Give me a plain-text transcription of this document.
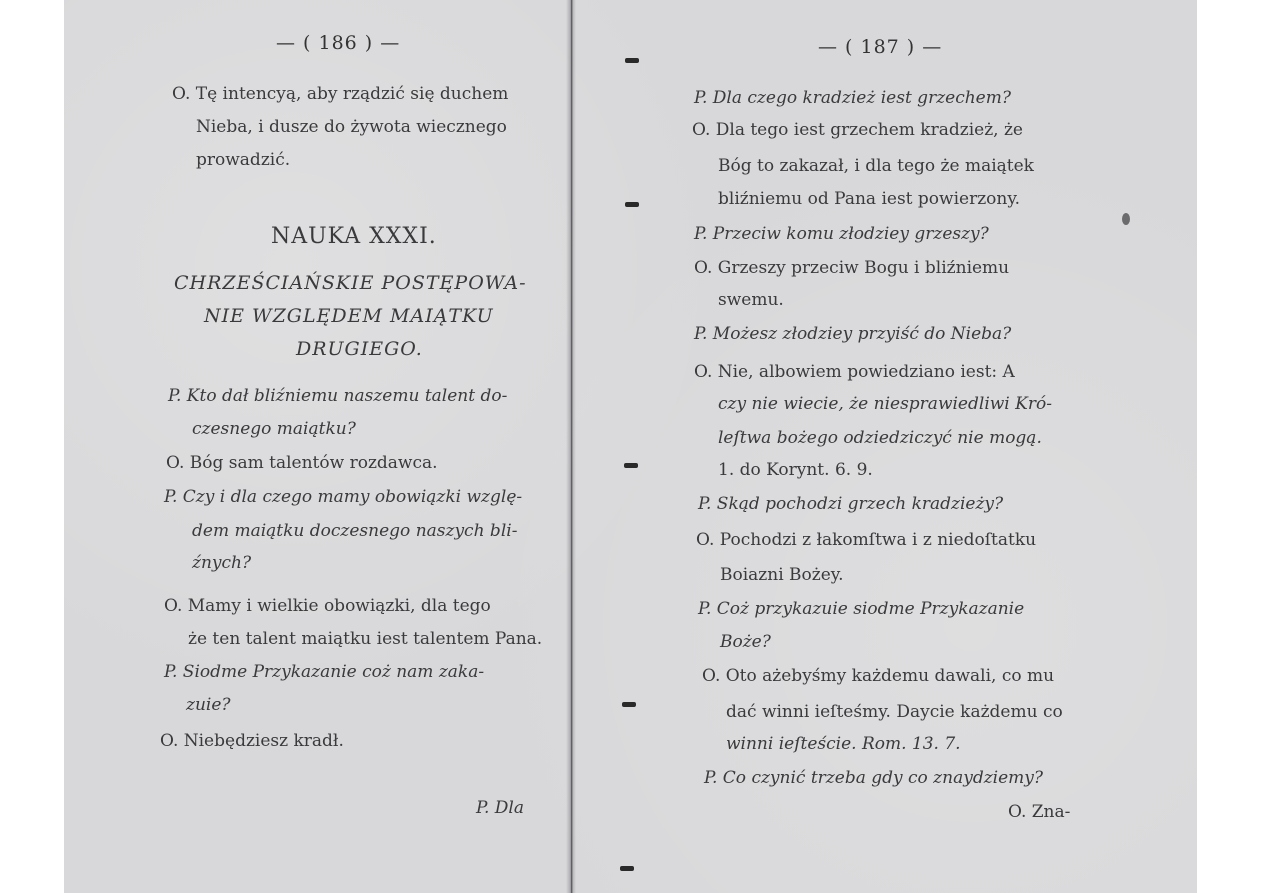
— ( 186 ) —
O. Tę intencyą, aby rządzić się duchem
Nieba, i dusze do żywota wiecznego
prowadzić.
NAUKA XXXI.
CHRZEŚCIAŃSKIE POSTĘPOWA-
NIE WZGLĘDEM MAIĄTKU
DRUGIEGO.
P. Kto dał bliźniemu naszemu talent do-
czesnego maiątku?
O. Bóg sam talentów rozdawca.
P. Czy i dla czego mamy obowiązki wzglę-
dem maiątku doczesnego naszych bli-
źnych?
O. Mamy i wielkie obowiązki, dla tego
że ten talent maiątku iest talentem Pana.
P. Siodme Przykazanie coż nam zaka-
zuie?
O. Niebędziesz kradł.
P. Dla
— ( 187 ) —
P. Dla czego kradzież iest grzechem?
O. Dla tego iest grzechem kradzież, że
Bóg to zakazał, i dla tego że maiątek
bliźniemu od Pana iest powierzony.
P. Przeciw komu złodziey grzeszy?
O. Grzeszy przeciw Bogu i bliźniemu
swemu.
P. Możesz złodziey przyiść do Nieba?
O. Nie, albowiem powiedziano iest: A
czy nie wiecie, że niesprawiedliwi Kró-
leſtwa bożego odziedziczyć nie mogą.
1. do Korynt. 6. 9.
P. Skąd pochodzi grzech kradzieży?
O. Pochodzi z łakomſtwa i z niedoſtatku
Boiazni Bożey.
P. Coż przykazuie siodme Przykazanie
Boże?
O. Oto ażebyśmy każdemu dawali, co mu
dać winni ieſteśmy. Daycie każdemu co
winni ieſteście. Rom. 13. 7.
P. Co czynić trzeba gdy co znaydziemy?
O. Zna-
